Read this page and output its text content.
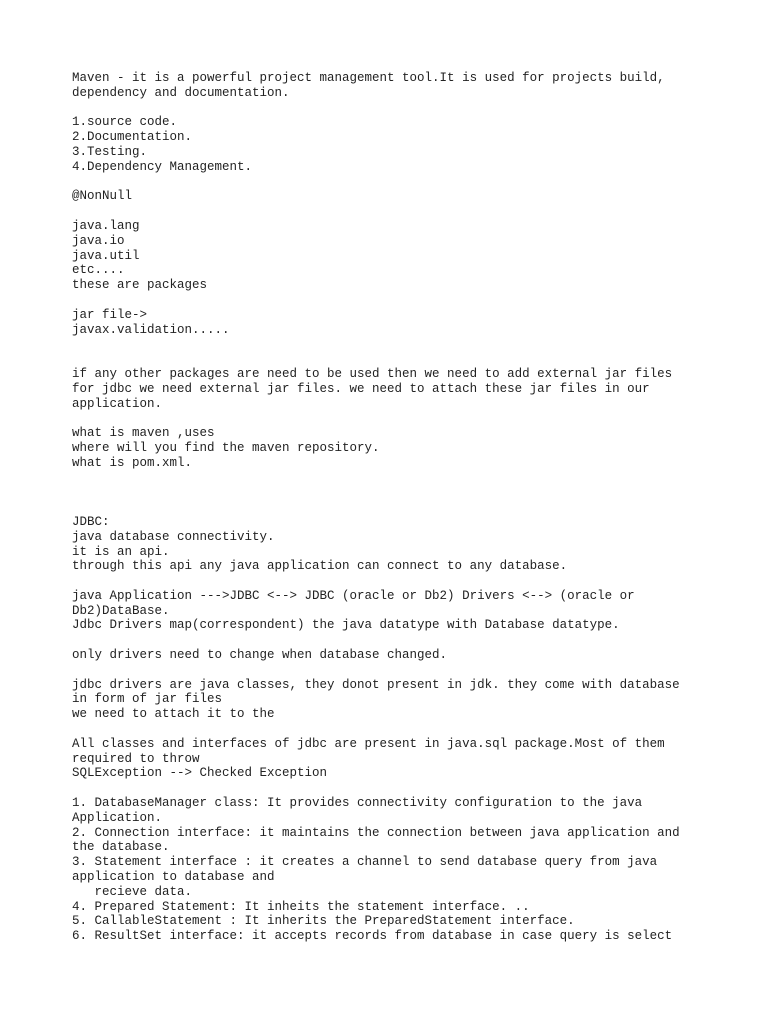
Maven - it is a powerful project management tool.It is used for projects build,
dependency and documentation.
1.source code.
2.Documentation.
3.Testing.
4.Dependency Management.
@NonNull
java.lang
java.io
java.util
etc....
these are packages
jar file->
javax.validation.....
if any other packages are need to be used then we need to add external jar files
for jdbc we need external jar files. we need to attach these jar files in our
application.
what is maven ,uses
where will you find the maven repository.
what is pom.xml.
JDBC:
java database connectivity.
it is an api.
through this api any java application can connect to any database.
java Application --->JDBC <--> JDBC (oracle or Db2) Drivers <--> (oracle or
Db2)DataBase.
Jdbc Drivers map(correspondent) the java datatype with Database datatype.
only drivers need to change when database changed.
jdbc drivers are java classes, they donot present in jdk. they come with database
in form of jar files
we need to attach it to the
All classes and interfaces of jdbc are present in java.sql package.Most of them
required to throw
SQLException --> Checked Exception
1. DatabaseManager class: It provides connectivity configuration to the java
Application.
2. Connection interface: it maintains the connection between java application and
the database.
3. Statement interface : it creates a channel to send database query from java
application to database and
recieve data.
4. Prepared Statement: It inheits the statement interface. ..
5. CallableStatement : It inherits the PreparedStatement interface.
6. ResultSet interface: it accepts records from database in case query is select
